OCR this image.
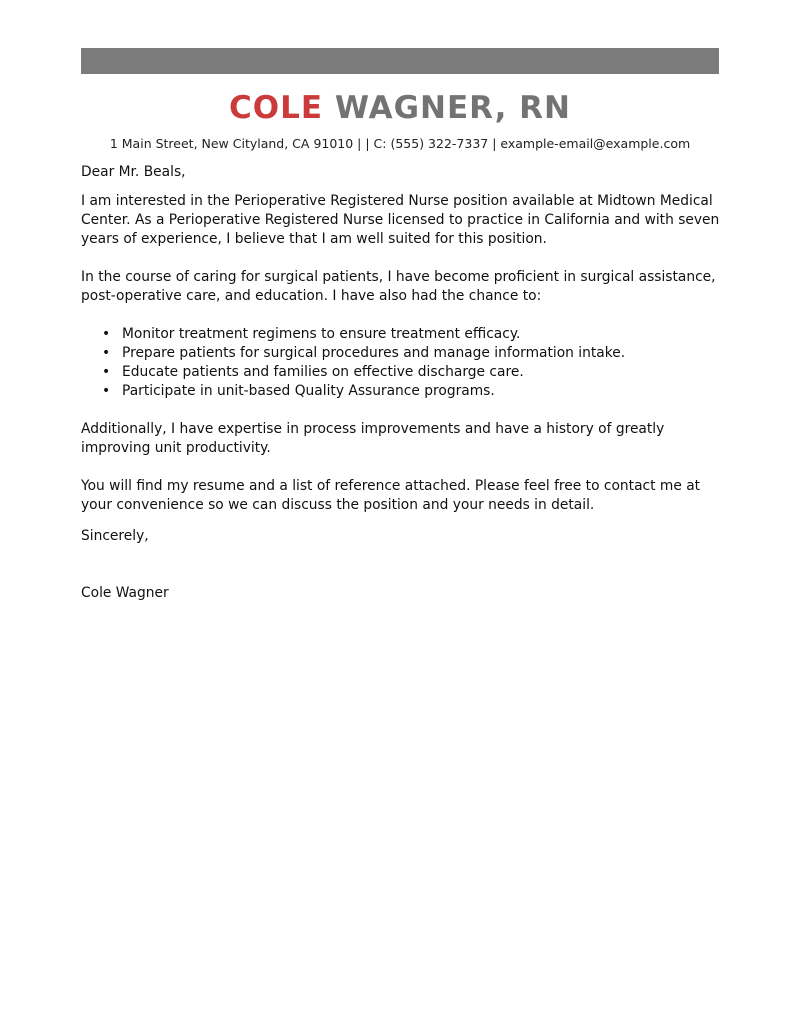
COLE WAGNER, RN
1 Main Street, New Cityland, CA 91010 | | C: (555) 322-7337 | example-email@example.com

Dear Mr. Beals,

I am interested in the Perioperative Registered Nurse position available at Midtown Medical Center. As a Perioperative Registered Nurse licensed to practice in California and with seven years of experience, I believe that I am well suited for this position.

In the course of caring for surgical patients, I have become proficient in surgical assistance, post-operative care, and education. I have also had the chance to:

• Monitor treatment regimens to ensure treatment efficacy.
• Prepare patients for surgical procedures and manage information intake.
• Educate patients and families on effective discharge care.
• Participate in unit-based Quality Assurance programs.

Additionally, I have expertise in process improvements and have a history of greatly improving unit productivity.

You will find my resume and a list of reference attached. Please feel free to contact me at your convenience so we can discuss the position and your needs in detail.

Sincerely,

Cole Wagner
